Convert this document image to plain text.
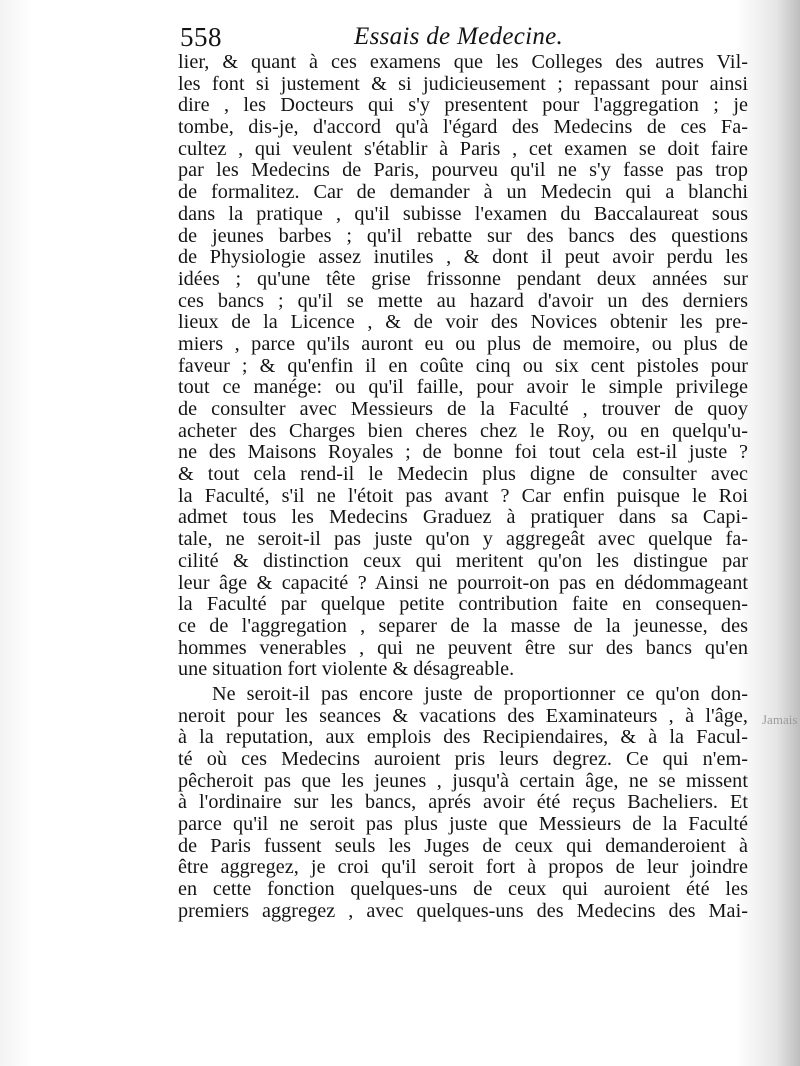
558	Essais de Medecine.
lier, & quant à ces examens que les Colleges des autres Vil-
les font si justement & si judicieusement ; repassant pour ainsi
dire , les Docteurs qui s'y presentent pour l'aggregation ; je
tombe, dis-je, d'accord qu'à l'égard des Medecins de ces Fa-
cultez , qui veulent s'établir à Paris , cet examen se doit faire
par les Medecins de Paris, pourveu qu'il ne s'y fasse pas trop
de formalitez. Car de demander à un Medecin qui a blanchi
dans la pratique , qu'il subisse l'examen du Baccalaureat sous
de jeunes barbes ; qu'il rebatte sur des bancs des questions
de Physiologie assez inutiles , & dont il peut avoir perdu les
idées ; qu'une tête grise frissonne pendant deux années sur
ces bancs ; qu'il se mette au hazard d'avoir un des derniers
lieux de la Licence , & de voir des Novices obtenir les pre-
miers , parce qu'ils auront eu ou plus de memoire, ou plus de
faveur ; & qu'enfin il en coûte cinq ou six cent pistoles pour
tout ce manége: ou qu'il faille, pour avoir le simple privilege
de consulter avec Messieurs de la Faculté , trouver de quoy
acheter des Charges bien cheres chez le Roy, ou en quelqu'u-
ne des Maisons Royales ; de bonne foi tout cela est-il juste ?
& tout cela rend-il le Medecin plus digne de consulter avec
la Faculté, s'il ne l'étoit pas avant ? Car enfin puisque le Roi
admet tous les Medecins Graduez à pratiquer dans sa Capi-
tale, ne seroit-il pas juste qu'on y aggregeât avec quelque fa-
cilité & distinction ceux qui meritent qu'on les distingue par
leur âge & capacité ? Ainsi ne pourroit-on pas en dédommageant
la Faculté par quelque petite contribution faite en consequen-
ce de l'aggregation , separer de la masse de la jeunesse, des
hommes venerables , qui ne peuvent être sur des bancs qu'en
une situation fort violente & désagreable.
Ne seroit-il pas encore juste de proportionner ce qu'on don-
neroit pour les seances & vacations des Examinateurs , à l'âge,
à la reputation, aux emplois des Recipiendaires, & à la Facul-
té où ces Medecins auroient pris leurs degrez. Ce qui n'em-
pêcheroit pas que les jeunes , jusqu'à certain âge, ne se missent
à l'ordinaire sur les bancs, aprés avoir été reçus Bacheliers. Et
parce qu'il ne seroit pas plus juste que Messieurs de la Faculté
de Paris fussent seuls les Juges de ceux qui demanderoient à
être aggregez, je croi qu'il seroit fort à propos de leur joindre
en cette fonction quelques-uns de ceux qui auroient été les
premiers aggregez , avec quelques-uns des Medecins des Mai-
Jamais
